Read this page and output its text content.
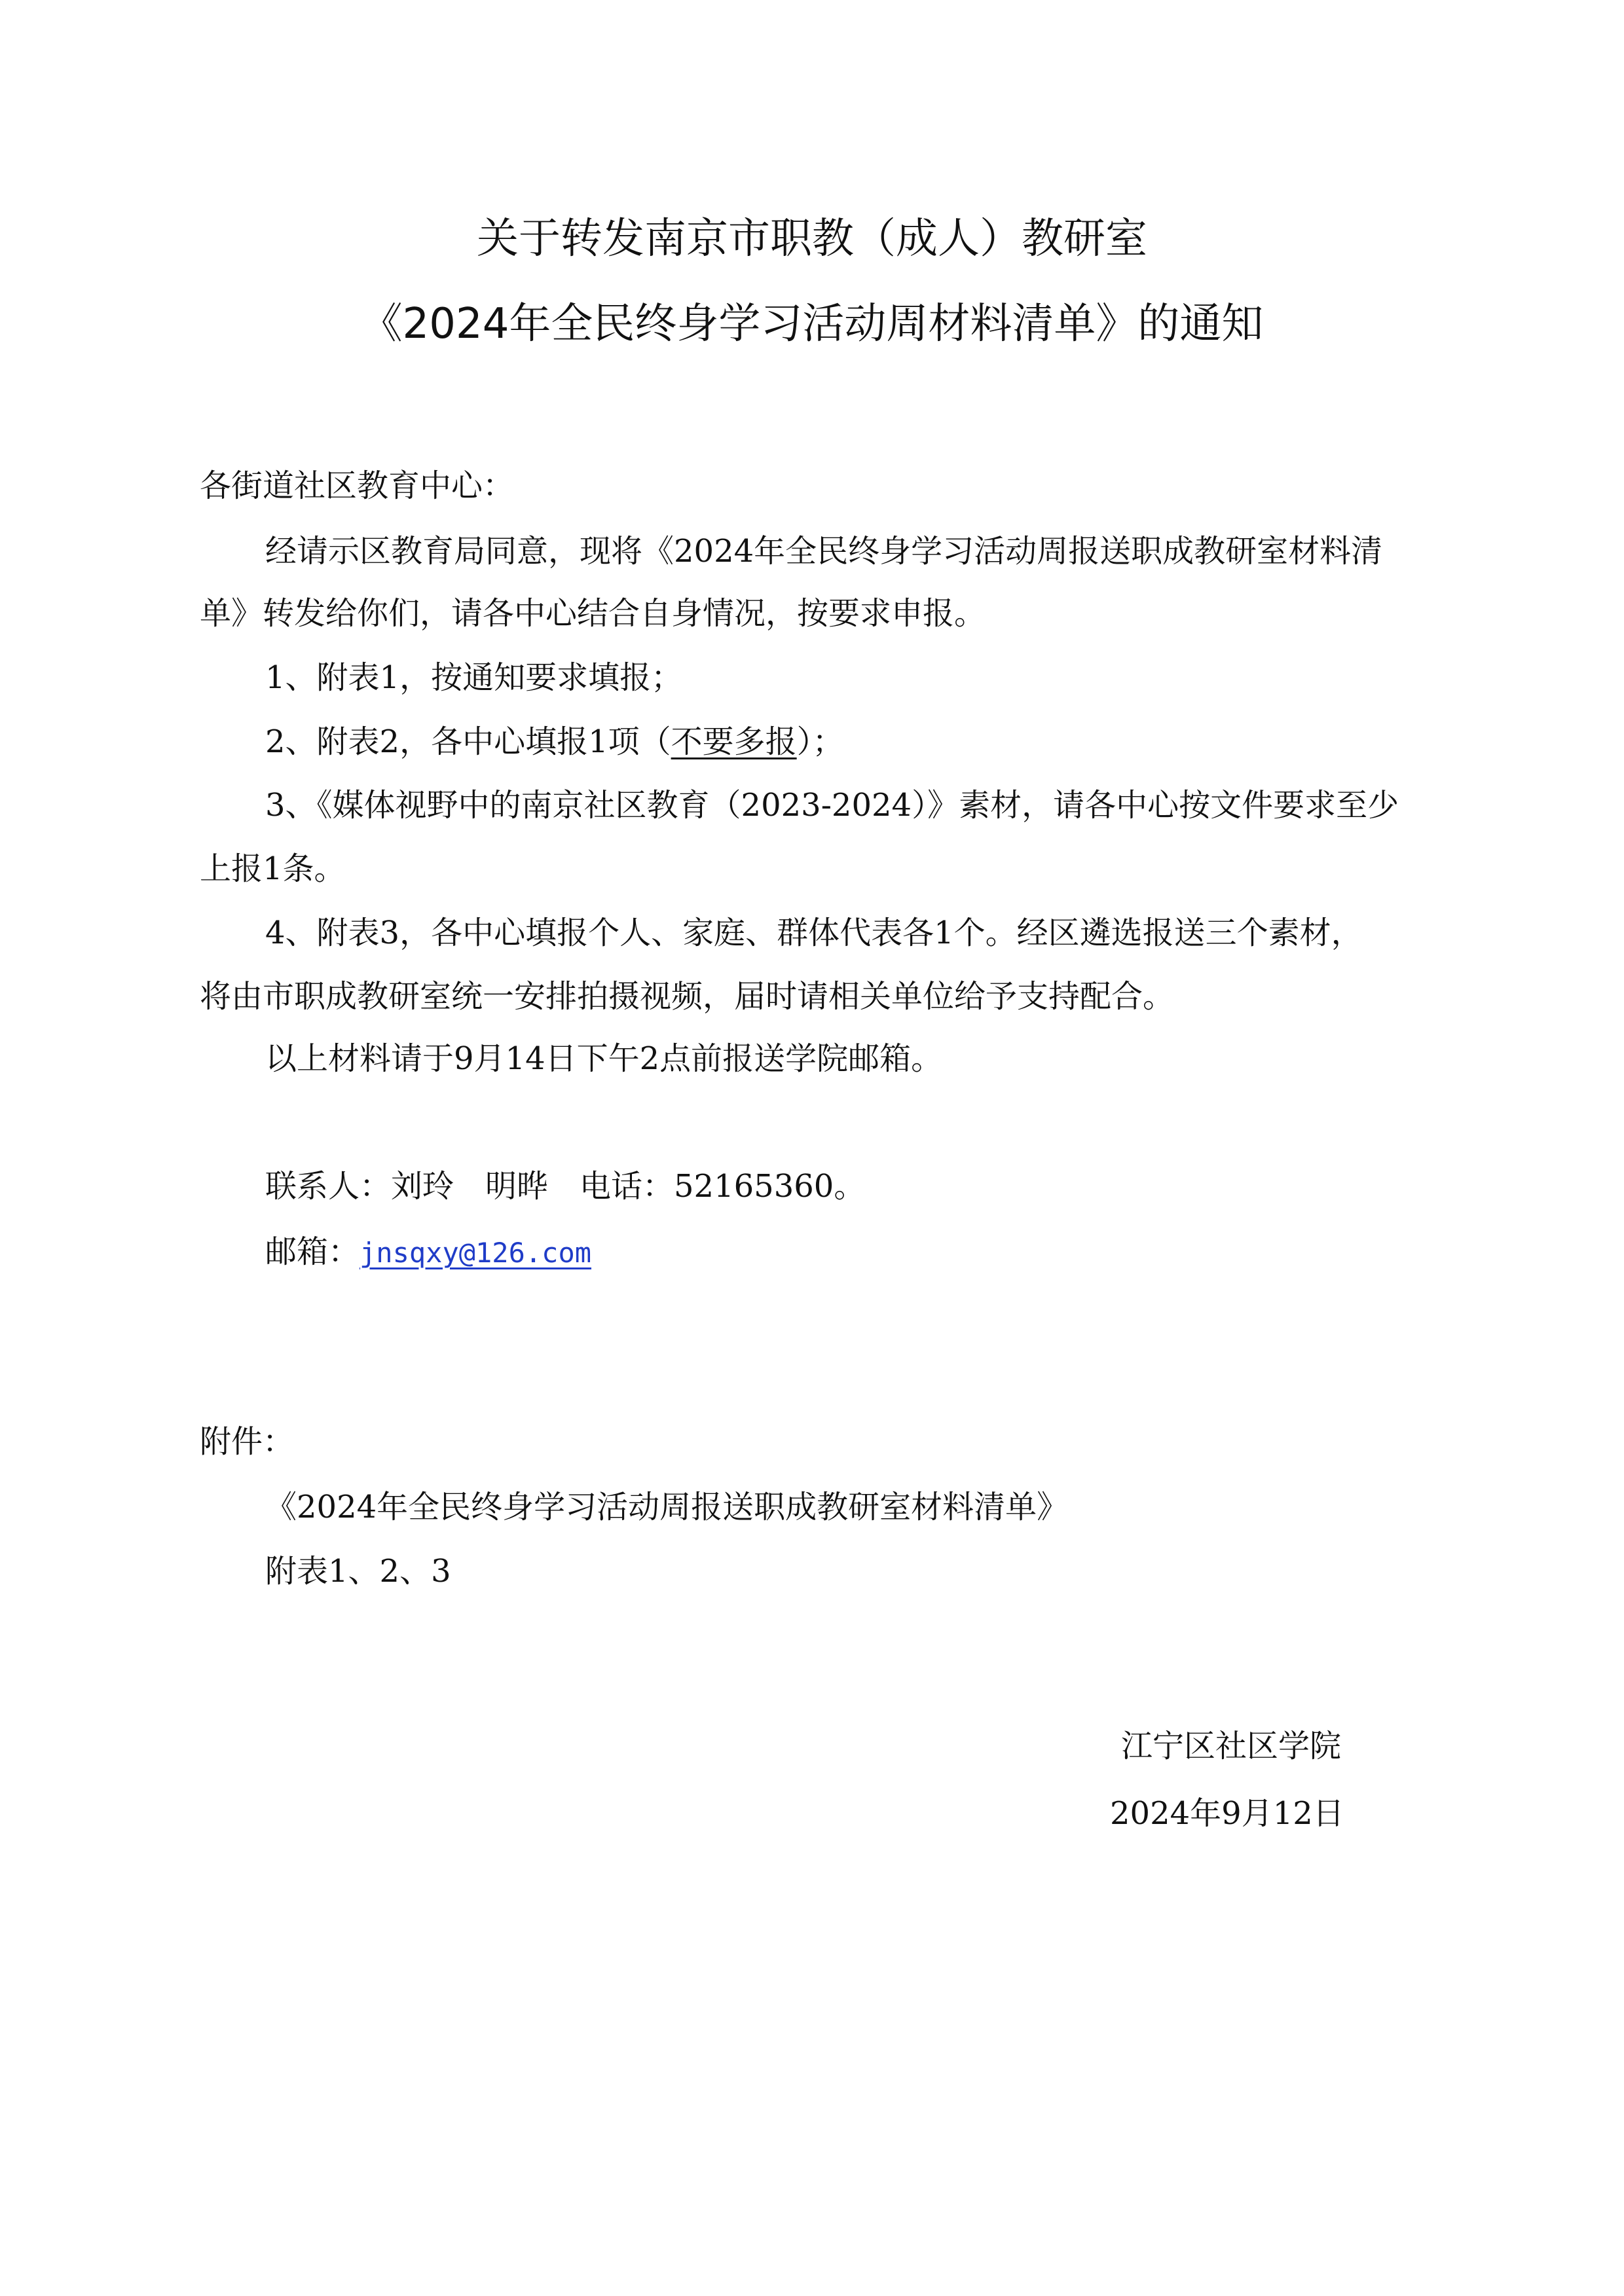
关于转发南京市职教（成人）教研室
《2024年全民终身学习活动周材料清单》的通知
各街道社区教育中心：
经请示区教育局同意，现将《2024年全民终身学习活动周报送职成教研室材料清
单》转发给你们，请各中心结合自身情况，按要求申报。
1、附表1，按通知要求填报；
2、附表2，各中心填报1项（不要多报）；
3、《媒体视野中的南京社区教育（2023-2024）》素材，请各中心按文件要求至少
上报1条。
4、附表3，各中心填报个人、家庭、群体代表各1个。经区遴选报送三个素材，
将由市职成教研室统一安排拍摄视频，届时请相关单位给予支持配合。
以上材料请于9月14日下午2点前报送学院邮箱。
联系人：刘玲　明晔　电话：52165360。
邮箱：jnsqxy@126.com
附件：
《2024年全民终身学习活动周报送职成教研室材料清单》
附表1、2、3
江宁区社区学院
2024年9月12日
